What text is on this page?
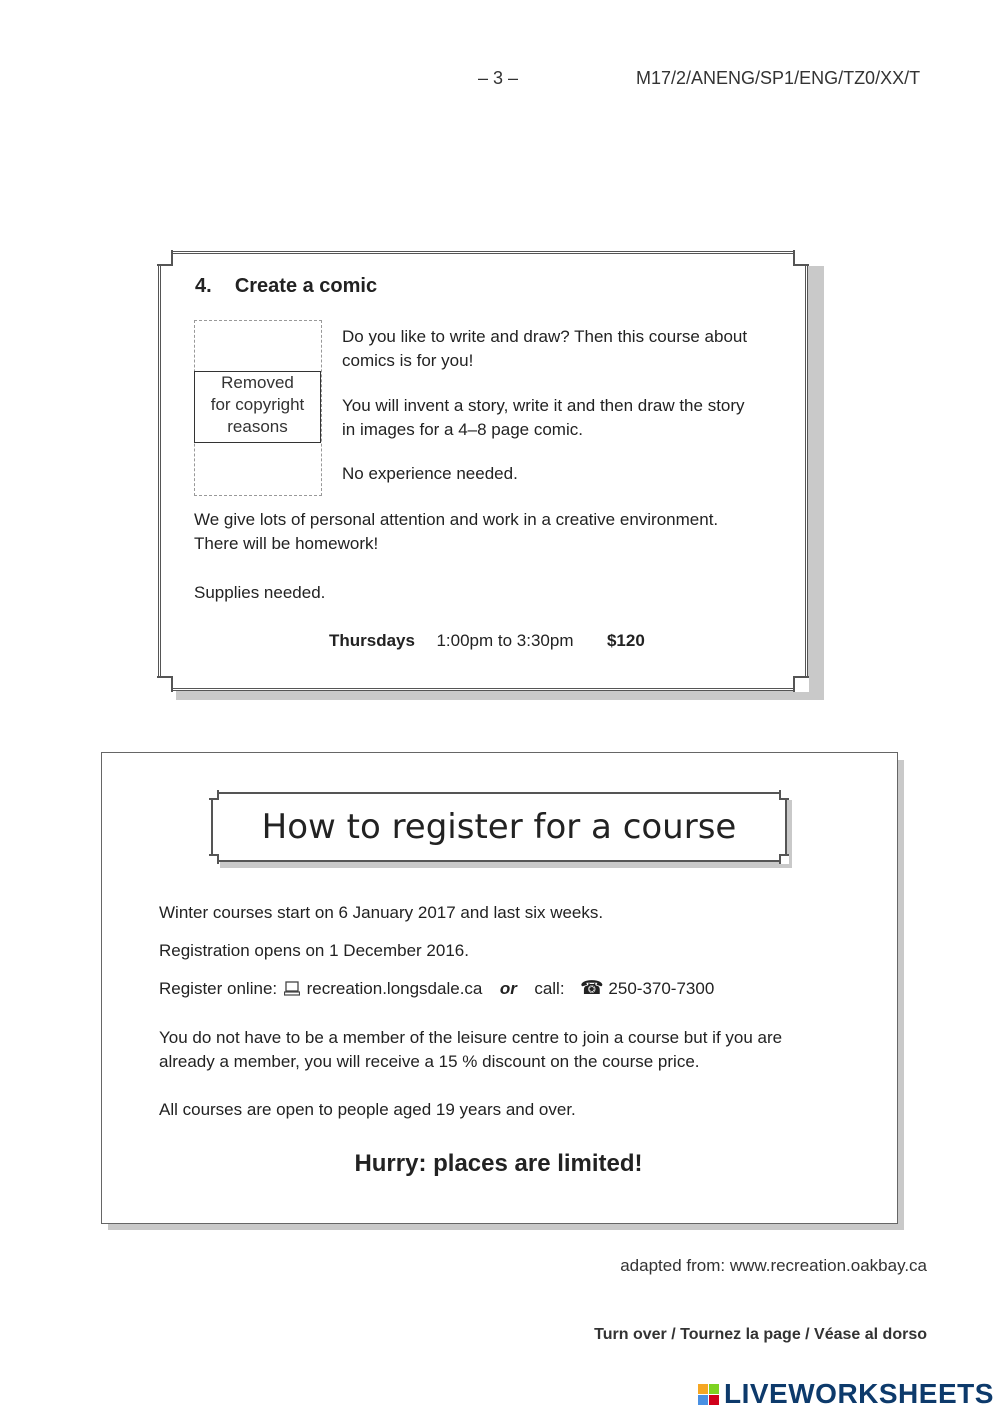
– 3 –	M17/2/ANENG/SP1/ENG/TZ0/XX/T
4. Create a comic
Removed
for copyright
reasons
Do you like to write and draw? Then this course about
comics is for you!
You will invent a story, write it and then draw the story
in images for a 4–8 page comic.
No experience needed.
We give lots of personal attention and work in a creative environment.
There will be homework!
Supplies needed.
Thursdays 1:00pm to 3:30pm $120
How to register for a course
Winter courses start on 6 January 2017 and last six weeks.
Registration opens on 1 December 2016.
Register online: recreation.longsdale.ca or call: ☎ 250-370-7300
You do not have to be a member of the leisure centre to join a course but if you are
already a member, you will receive a 15 % discount on the course price.
All courses are open to people aged 19 years and over.
Hurry: places are limited!
adapted from: www.recreation.oakbay.ca
Turn over / Tournez la page / Véase al dorso
LIVEWORKSHEETS
